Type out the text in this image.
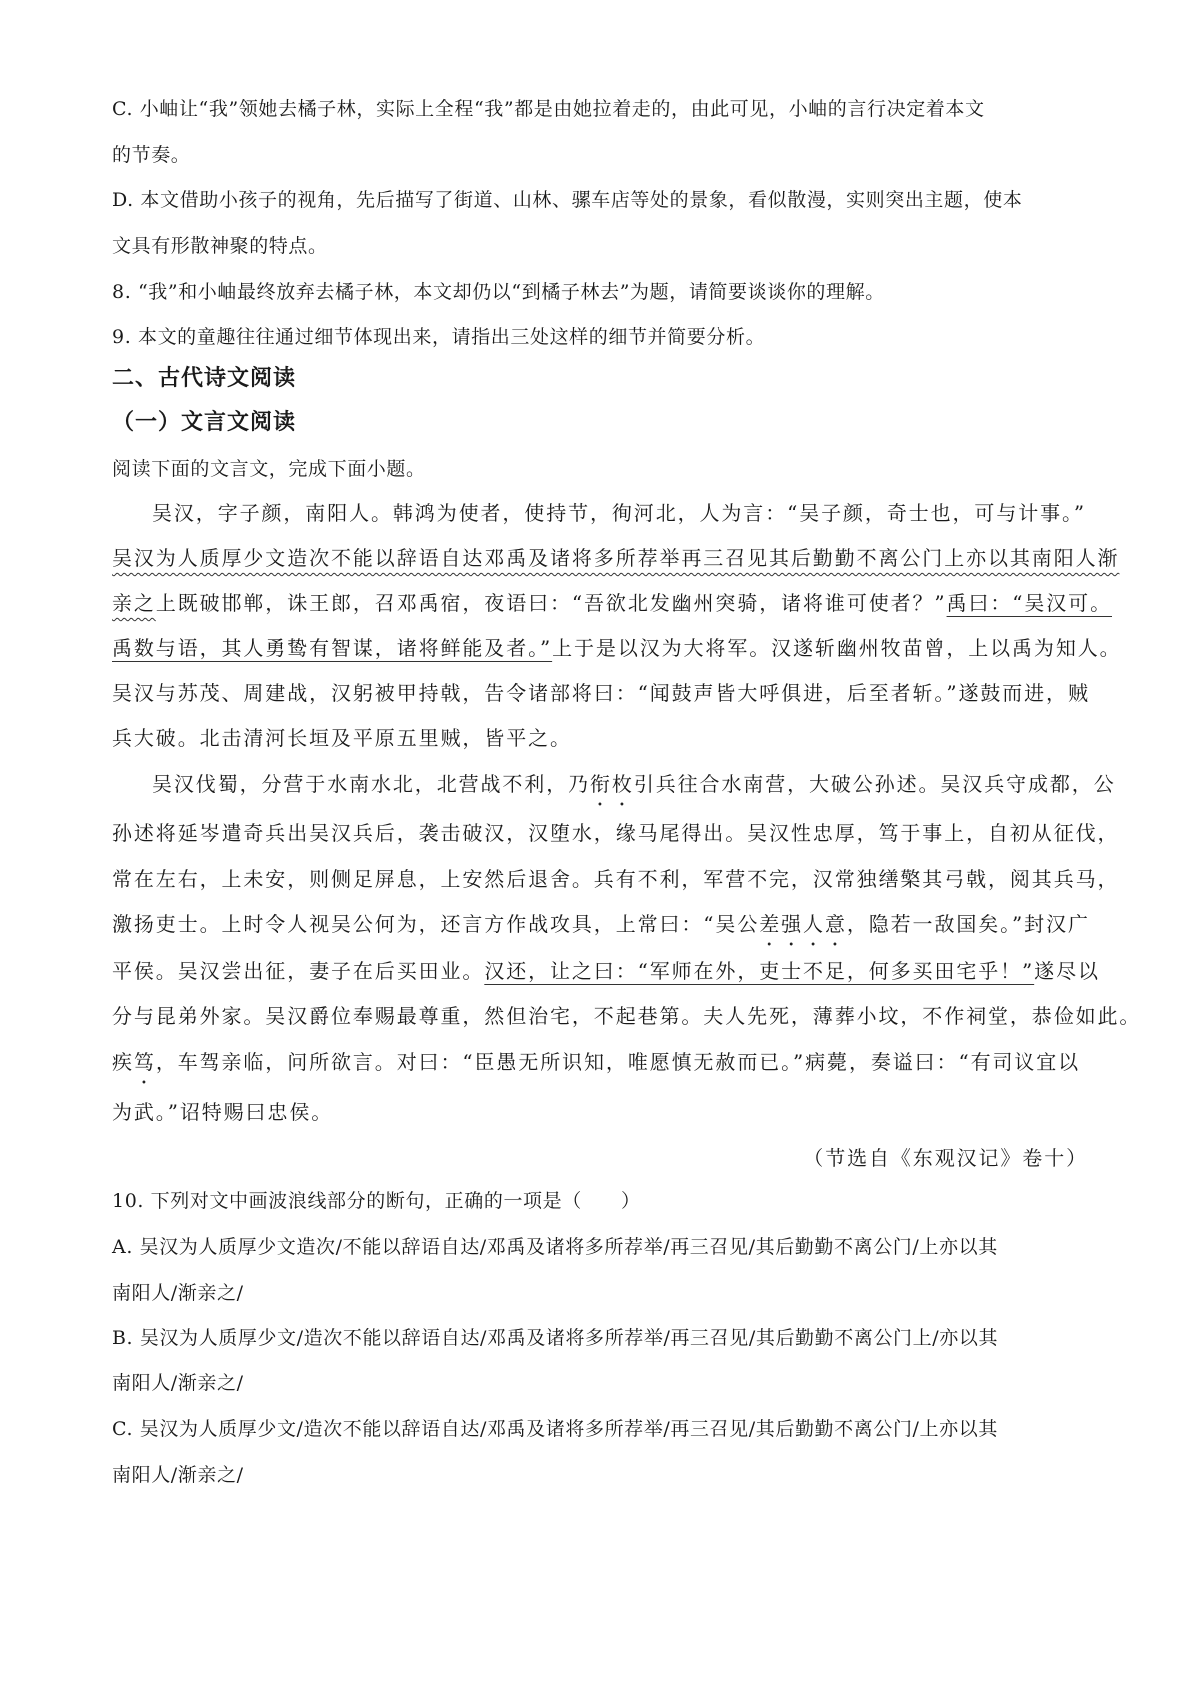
C. 小岫让“我”领她去橘子林，实际上全程“我”都是由她拉着走的，由此可见，小岫的言行决定着本文
的节奏。
D. 本文借助小孩子的视角，先后描写了街道、山林、骡车店等处的景象，看似散漫，实则突出主题，使本
文具有形散神聚的特点。
8. “我”和小岫最终放弃去橘子林，本文却仍以“到橘子林去”为题，请简要谈谈你的理解。
9. 本文的童趣往往通过细节体现出来，请指出三处这样的细节并简要分析。
二、古代诗文阅读
（一）文言文阅读
阅读下面的文言文，完成下面小题。
吴汉，字子颜，南阳人。韩鸿为使者，使持节，徇河北，人为言：“吴子颜，奇士也，可与计事。”
吴汉为人质厚少文造次不能以辞语自达邓禹及诸将多所荐举再三召见其后勤勤不离公门上亦以其南阳人渐
亲之上既破邯郸，诛王郎，召邓禹宿，夜语曰：“吾欲北发幽州突骑，诸将谁可使者？”禹曰：“吴汉可。
禹数与语，其人勇鸷有智谋，诸将鲜能及者。”上于是以汉为大将军。汉遂斩幽州牧苗曾，上以禹为知人。
吴汉与苏茂、周建战，汉躬被甲持戟，告令诸部将曰：“闻鼓声皆大呼俱进，后至者斩。”遂鼓而进，贼
兵大破。北击清河长垣及平原五里贼，皆平之。
吴汉伐蜀，分营于水南水北，北营战不利，乃衔枚引兵往合水南营，大破公孙述。吴汉兵守成都，公
孙述将延岑遣奇兵出吴汉兵后，袭击破汉，汉堕水，缘马尾得出。吴汉性忠厚，笃于事上，自初从征伐，
常在左右，上未安，则侧足屏息，上安然后退舍。兵有不利，军营不完，汉常独缮檠其弓戟，阅其兵马，
激扬吏士。上时令人视吴公何为，还言方作战攻具，上常曰：“吴公差强人意，隐若一敌国矣。”封汉广
平侯。吴汉尝出征，妻子在后买田业。汉还，让之曰：“军师在外，吏士不足，何多买田宅乎！”遂尽以
分与昆弟外家。吴汉爵位奉赐最尊重，然但治宅，不起巷第。夫人先死，薄葬小坟，不作祠堂，恭俭如此。
疾笃，车驾亲临，问所欲言。对曰：“臣愚无所识知，唯愿慎无赦而已。”病薨，奏谥曰：“有司议宜以
为武。”诏特赐曰忠侯。
（节选自《东观汉记》卷十）
10. 下列对文中画波浪线部分的断句，正确的一项是（　　）
A. 吴汉为人质厚少文造次/不能以辞语自达/邓禹及诸将多所荐举/再三召见/其后勤勤不离公门/上亦以其
南阳人/渐亲之/
B. 吴汉为人质厚少文/造次不能以辞语自达/邓禹及诸将多所荐举/再三召见/其后勤勤不离公门上/亦以其
南阳人/渐亲之/
C. 吴汉为人质厚少文/造次不能以辞语自达/邓禹及诸将多所荐举/再三召见/其后勤勤不离公门/上亦以其
南阳人/渐亲之/
